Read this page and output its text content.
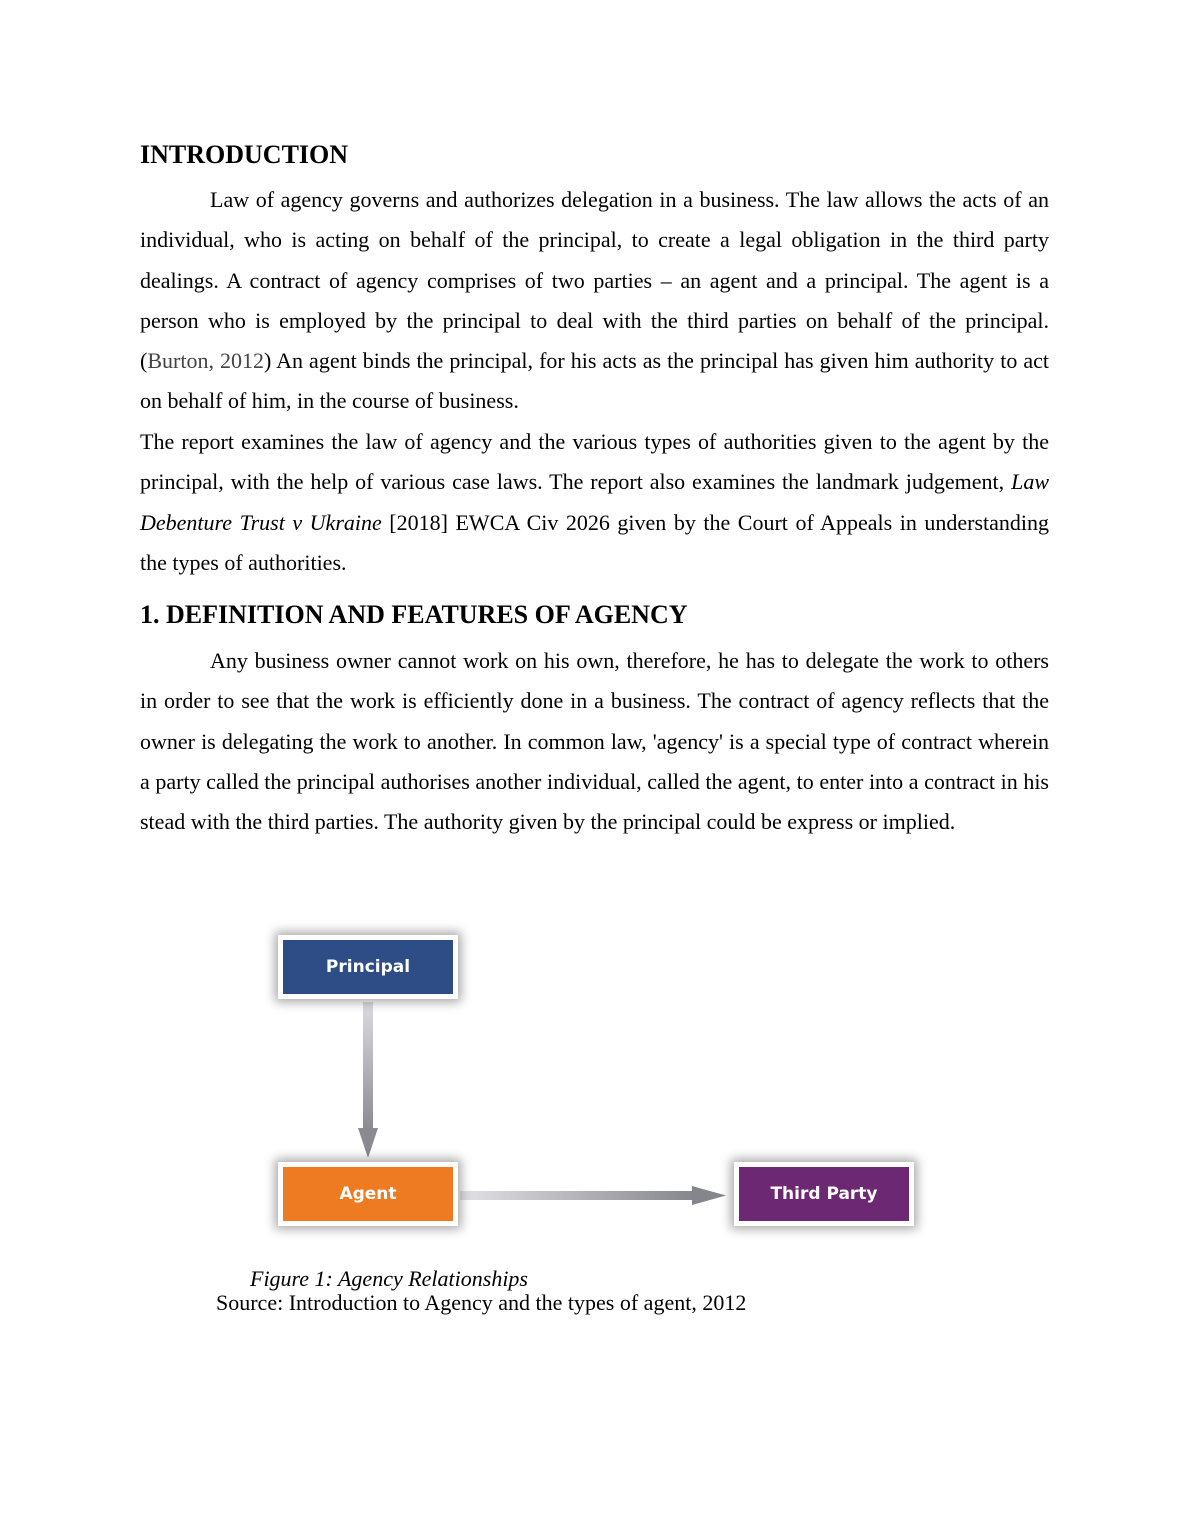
INTRODUCTION

Law of agency governs and authorizes delegation in a business. The law allows the acts of an individual, who is acting on behalf of the principal, to create a legal obligation in the third party dealings. A contract of agency comprises of two parties – an agent and a principal. The agent is a person who is employed by the principal to deal with the third parties on behalf of the principal.(Burton, 2012) An agent binds the principal, for his acts as the principal has given him authority to act on behalf of him, in the course of business.

The report examines the law of agency and the various types of authorities given to the agent by the principal, with the help of various case laws. The report also examines the landmark judgement, Law Debenture Trust v Ukraine [2018] EWCA Civ 2026 given by the Court of Appeals in understanding the types of authorities.

1. DEFINITION AND FEATURES OF AGENCY

Any business owner cannot work on his own, therefore, he has to delegate the work to others in order to see that the work is efficiently done in a business. The contract of agency reflects that the owner is delegating the work to another. In common law, 'agency' is a special type of contract wherein a party called the principal authorises another individual, called the agent, to enter into a contract in his stead with the third parties. The authority given by the principal could be express or implied.

Principal
Agent	Third Party
Figure 1: Agency Relationships
Source: Introduction to Agency and the types of agent, 2012
